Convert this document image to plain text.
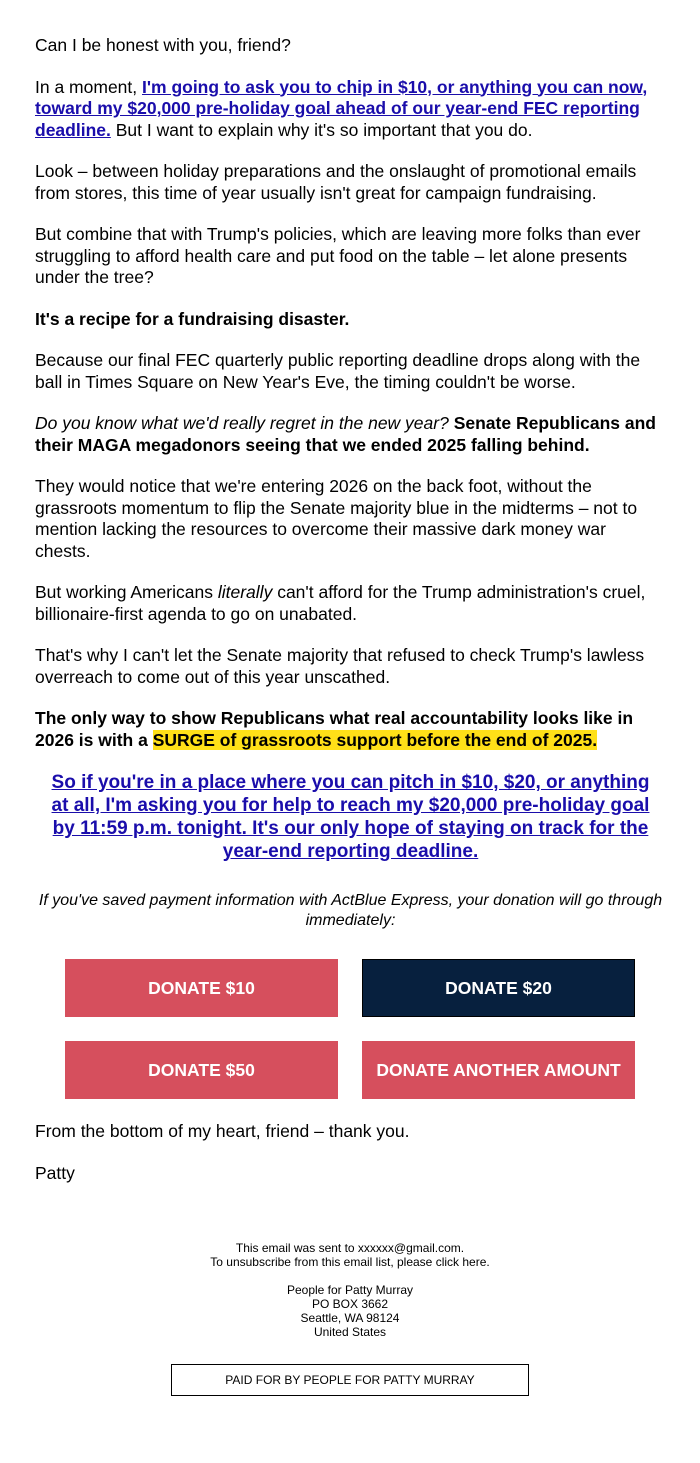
Can I be honest with you, friend?

In a moment, I'm going to ask you to chip in $10, or anything you can now, toward my $20,000 pre-holiday goal ahead of our year-end FEC reporting deadline. But I want to explain why it's so important that you do.

Look – between holiday preparations and the onslaught of promotional emails from stores, this time of year usually isn't great for campaign fundraising.

But combine that with Trump's policies, which are leaving more folks than ever struggling to afford health care and put food on the table – let alone presents under the tree?

It's a recipe for a fundraising disaster.

Because our final FEC quarterly public reporting deadline drops along with the ball in Times Square on New Year's Eve, the timing couldn't be worse.

Do you know what we'd really regret in the new year? Senate Republicans and their MAGA megadonors seeing that we ended 2025 falling behind.

They would notice that we're entering 2026 on the back foot, without the grassroots momentum to flip the Senate majority blue in the midterms – not to mention lacking the resources to overcome their massive dark money war chests.

But working Americans literally can't afford for the Trump administration's cruel, billionaire-first agenda to go on unabated.

That's why I can't let the Senate majority that refused to check Trump's lawless overreach to come out of this year unscathed.

The only way to show Republicans what real accountability looks like in 2026 is with a SURGE of grassroots support before the end of 2025.

So if you're in a place where you can pitch in $10, $20, or anything at all, I'm asking you for help to reach my $20,000 pre-holiday goal by 11:59 p.m. tonight. It's our only hope of staying on track for the year-end reporting deadline.

If you've saved payment information with ActBlue Express, your donation will go through immediately:

DONATE $10	DONATE $20
DONATE $50	DONATE ANOTHER AMOUNT

From the bottom of my heart, friend – thank you.

Patty

This email was sent to xxxxxx@gmail.com.

To unsubscribe from this email list, please click here.

People for Patty Murray

PO BOX 3662

Seattle, WA 98124

United States

PAID FOR BY PEOPLE FOR PATTY MURRAY
